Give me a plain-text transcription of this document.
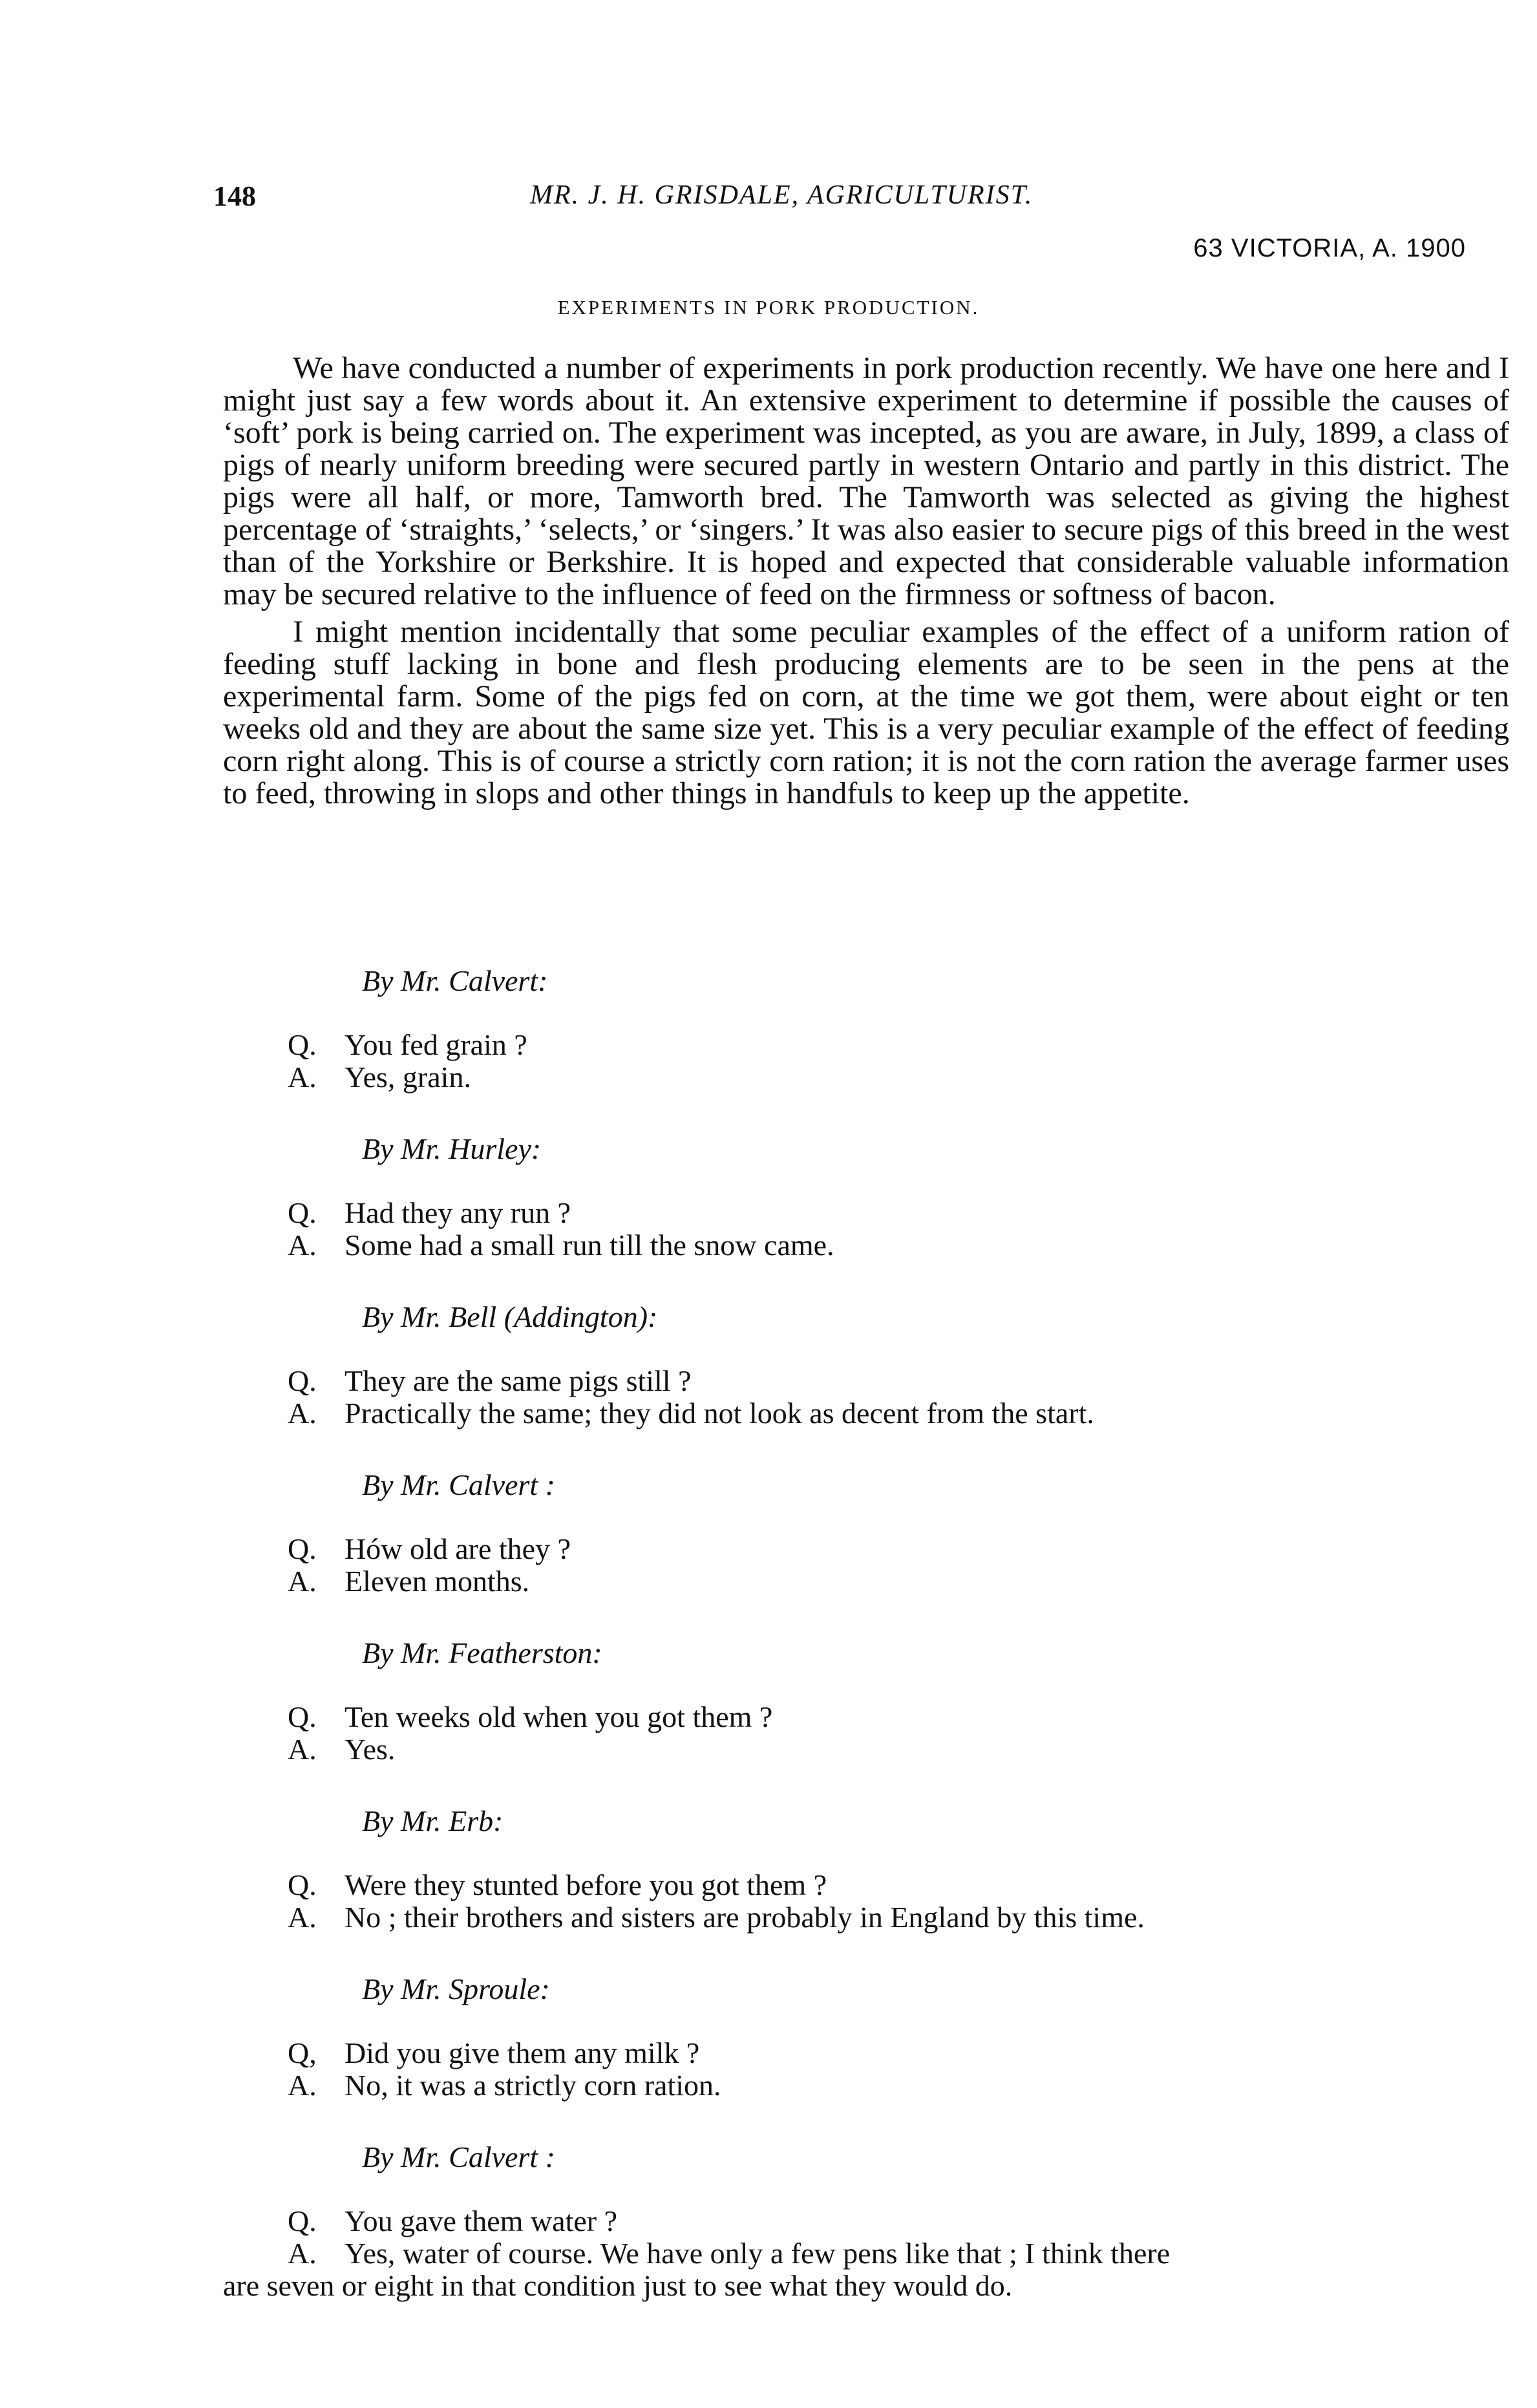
148	MR. J. H. GRISDALE, AGRICULTURIST.
63 VICTORIA, A. 1900
EXPERIMENTS IN PORK PRODUCTION.

We have conducted a number of experiments in pork production recently. We have one here and I might just say a few words about it. An extensive experiment to determine if possible the causes of ‘soft’ pork is being carried on. The experiment was incepted, as you are aware, in July, 1899, a class of pigs of nearly uniform breeding were secured partly in western Ontario and partly in this district. The pigs were all half, or more, Tamworth bred. The Tamworth was selected as giving the highest percentage of ‘straights,’ ‘selects,’ or ‘singers.’ It was also easier to secure pigs of this breed in the west than of the Yorkshire or Berkshire. It is hoped and expected that considerable valuable information may be secured relative to the influence of feed on the firmness or softness of bacon.

I might mention incidentally that some peculiar examples of the effect of a uniform ration of feeding stuff lacking in bone and flesh producing elements are to be seen in the pens at the experimental farm. Some of the pigs fed on corn, at the time we got them, were about eight or ten weeks old and they are about the same size yet. This is a very peculiar example of the effect of feeding corn right along. This is of course a strictly corn ration; it is not the corn ration the average farmer uses to feed, throwing in slops and other things in handfuls to keep up the appetite.

By Mr. Calvert:
Q. You fed grain ?
A. Yes, grain.
By Mr. Hurley:
Q. Had they any run ?
A. Some had a small run till the snow came.
By Mr. Bell (Addington):
Q. They are the same pigs still ?
A. Practically the same; they did not look as decent from the start.
By Mr. Calvert :
Q. Hów old are they ?
A. Eleven months.
By Mr. Featherston:
Q. Ten weeks old when you got them ?
A. Yes.
By Mr. Erb:
Q. Were they stunted before you got them ?
A. No ; their brothers and sisters are probably in England by this time.
By Mr. Sproule:
Q, Did you give them any milk ?
A. No, it was a strictly corn ration.
By Mr. Calvert :
Q. You gave them water ?
A. Yes, water of course. We have only a few pens like that ; I think there
are seven or eight in that condition just to see what they would do.
